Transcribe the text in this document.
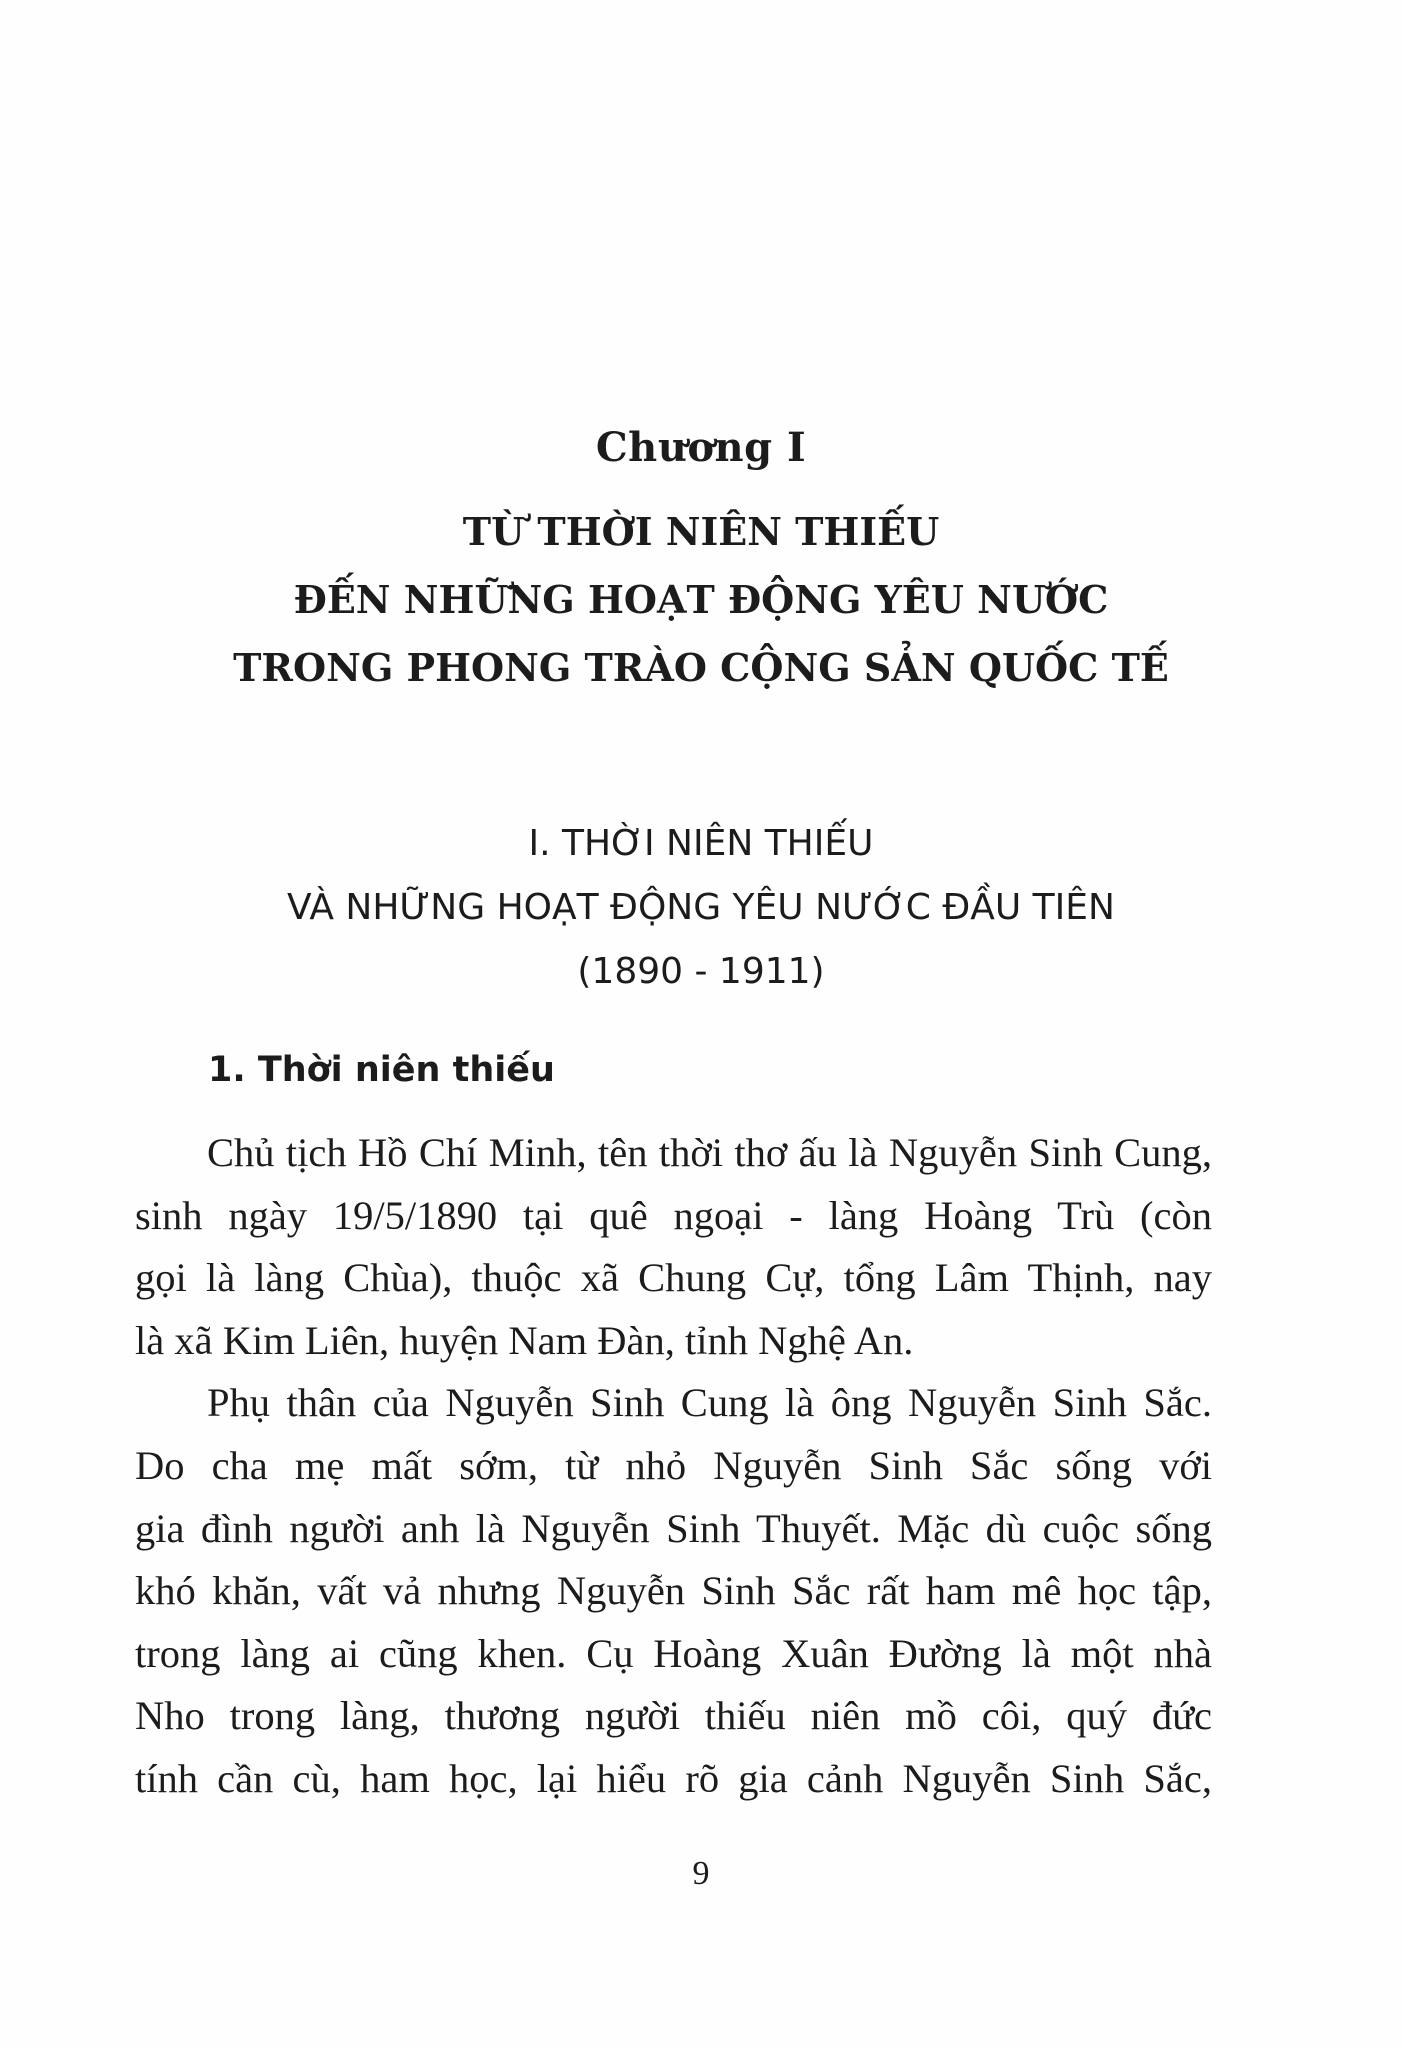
Chương I
TỪ THỜI NIÊN THIẾU
ĐẾN NHỮNG HOẠT ĐỘNG YÊU NƯỚC
TRONG PHONG TRÀO CỘNG SẢN QUỐC TẾ
I. THỜI NIÊN THIẾU
VÀ NHỮNG HOẠT ĐỘNG YÊU NƯỚC ĐẦU TIÊN
(1890 - 1911)
1. Thời niên thiếu
Chủ tịch Hồ Chí Minh, tên thời thơ ấu là Nguyễn Sinh Cung,
sinh ngày 19/5/1890 tại quê ngoại - làng Hoàng Trù (còn
gọi là làng Chùa), thuộc xã Chung Cự, tổng Lâm Thịnh, nay
là xã Kim Liên, huyện Nam Đàn, tỉnh Nghệ An.
Phụ thân của Nguyễn Sinh Cung là ông Nguyễn Sinh Sắc.
Do cha mẹ mất sớm, từ nhỏ Nguyễn Sinh Sắc sống với
gia đình người anh là Nguyễn Sinh Thuyết. Mặc dù cuộc sống
khó khăn, vất vả nhưng Nguyễn Sinh Sắc rất ham mê học tập,
trong làng ai cũng khen. Cụ Hoàng Xuân Đường là một nhà
Nho trong làng, thương người thiếu niên mồ côi, quý đức
tính cần cù, ham học, lại hiểu rõ gia cảnh Nguyễn Sinh Sắc,
9
